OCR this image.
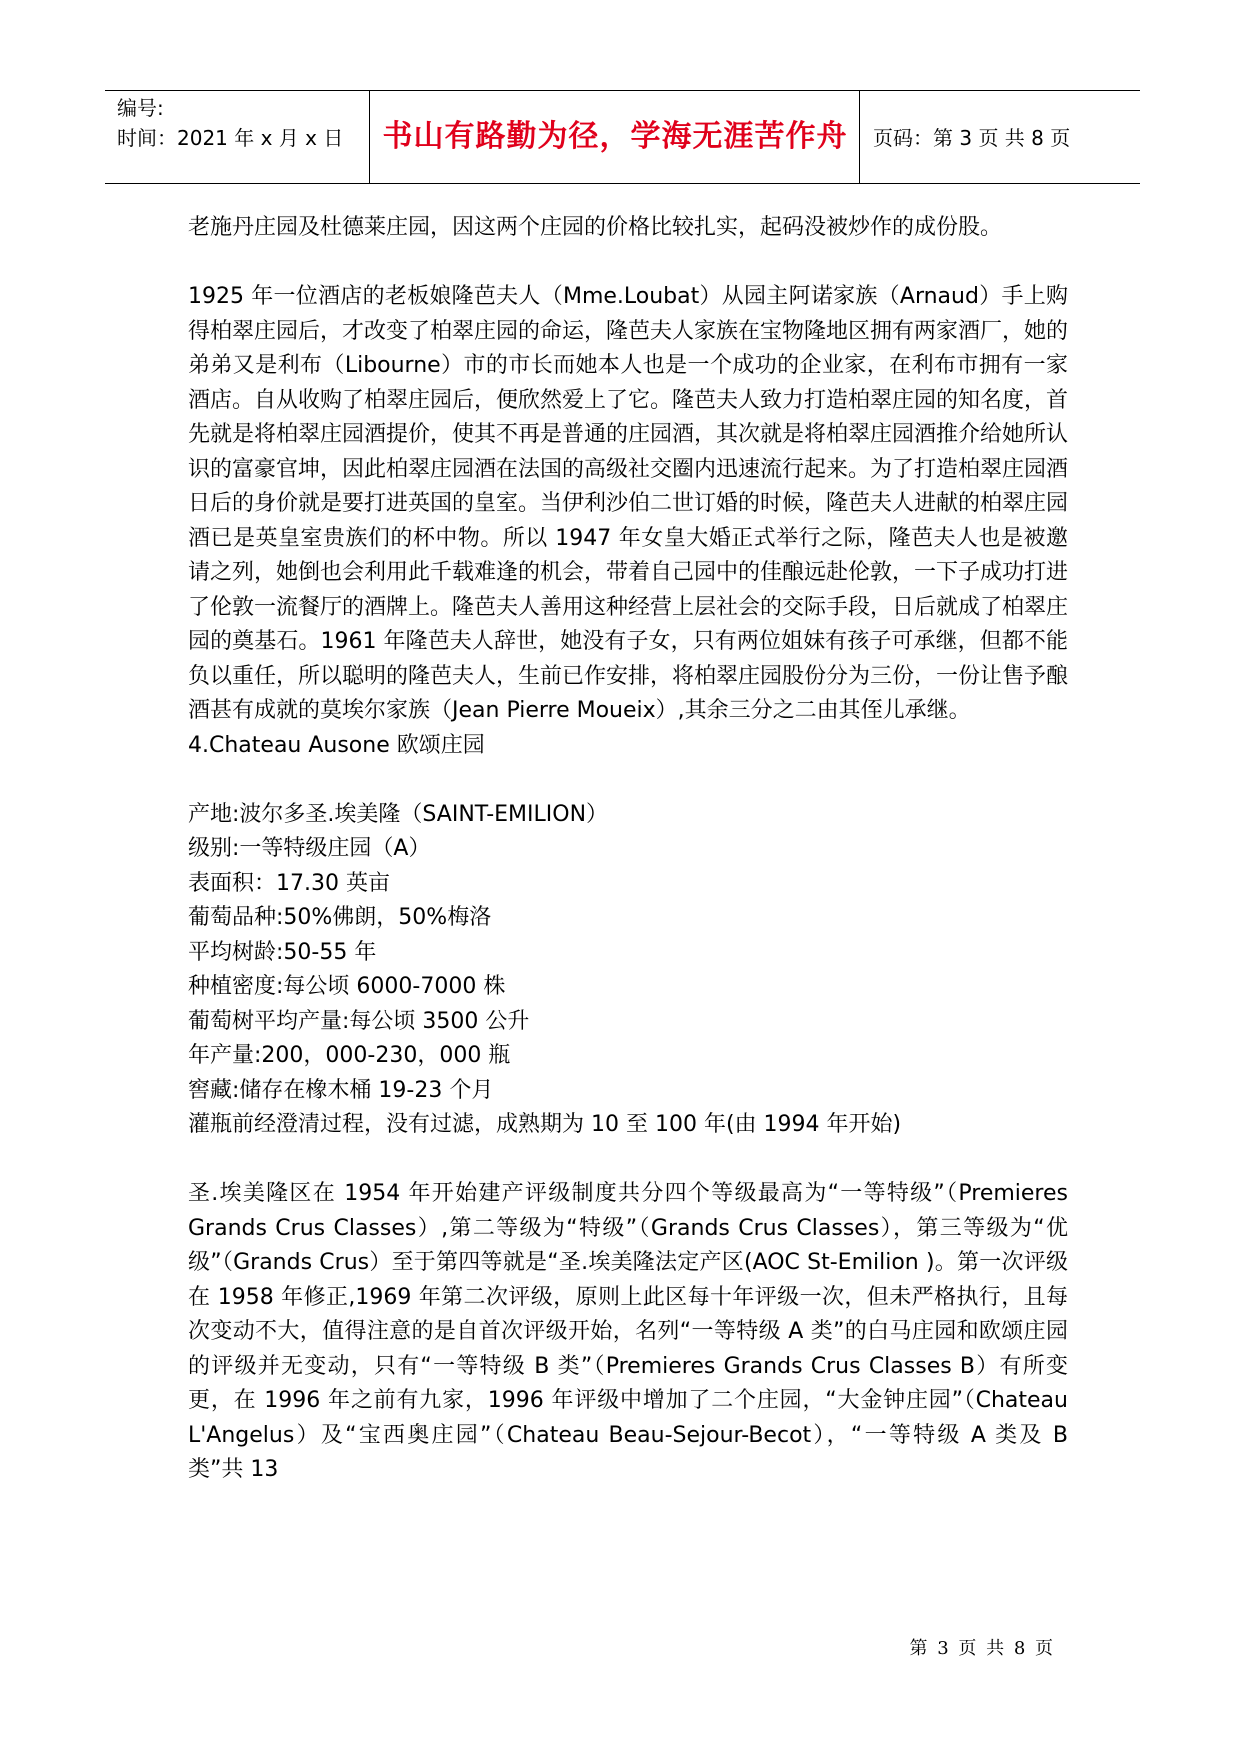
编号:
时间：2021 年 x 月 x 日	书山有路勤为径，学海无涯苦作舟	页码：第 3 页 共 8 页

老施丹庄园及杜德莱庄园，因这两个庄园的价格比较扎实，起码没被炒作的成份股。

1925 年一位酒店的老板娘隆芭夫人（Mme.Loubat）从园主阿诺家族（Arnaud）手上购得柏翠庄园后，才改变了柏翠庄园的命运，隆芭夫人家族在宝物隆地区拥有两家酒厂，她的弟弟又是利布（Libourne）市的市长而她本人也是一个成功的企业家，在利布市拥有一家酒店。自从收购了柏翠庄园后，便欣然爱上了它。隆芭夫人致力打造柏翠庄园的知名度，首先就是将柏翠庄园酒提价，使其不再是普通的庄园酒，其次就是将柏翠庄园酒推介给她所认识的富豪官坤，因此柏翠庄园酒在法国的高级社交圈内迅速流行起来。为了打造柏翠庄园酒日后的身价就是要打进英国的皇室。当伊利沙伯二世订婚的时候，隆芭夫人进献的柏翠庄园酒已是英皇室贵族们的杯中物。所以 1947 年女皇大婚正式举行之际，隆芭夫人也是被邀请之列，她倒也会利用此千载难逢的机会，带着自己园中的佳酿远赴伦敦，一下子成功打进了伦敦一流餐厅的酒牌上。隆芭夫人善用这种经营上层社会的交际手段，日后就成了柏翠庄园的奠基石。1961 年隆芭夫人辞世，她没有子女，只有两位姐妹有孩子可承继，但都不能负以重任，所以聪明的隆芭夫人，生前已作安排，将柏翠庄园股份分为三份，一份让售予酿酒甚有成就的莫埃尔家族（Jean Pierre Moueix）,其余三分之二由其侄儿承继。

4.Chateau Ausone 欧颂庄园

产地:波尔多圣.埃美隆（SAINT-EMILION）

级别:一等特级庄园（A）

表面积：17.30 英亩

葡萄品种:50%佛朗，50%梅洛

平均树龄:50-55 年

种植密度:每公顷 6000-7000 株

葡萄树平均产量:每公顷 3500 公升

年产量:200，000-230，000 瓶

窖藏:储存在橡木桶 19-23 个月

灌瓶前经澄清过程，没有过滤，成熟期为 10 至 100 年(由 1994 年开始)

圣.埃美隆区在 1954 年开始建产评级制度共分四个等级最高为“一等特级”（Premieres Grands Crus Classes）,第二等级为“特级”（Grands Crus Classes），第三等级为“优级”（Grands Crus）至于第四等就是“圣.埃美隆法定产区(AOC St-Emilion )。第一次评级在 1958 年修正,1969 年第二次评级，原则上此区每十年评级一次，但未严格执行，且每次变动不大，值得注意的是自首次评级开始，名列“一等特级 A 类”的白马庄园和欧颂庄园的评级并无变动，只有“一等特级 B 类”（Premieres Grands Crus Classes B）有所变更，在 1996 年之前有九家，1996 年评级中增加了二个庄园，“大金钟庄园”（Chateau L'Angelus）及“宝西奥庄园”（Chateau Beau-Sejour-Becot），“一等特级 A 类及 B 类”共 13

第 3 页 共 8 页
